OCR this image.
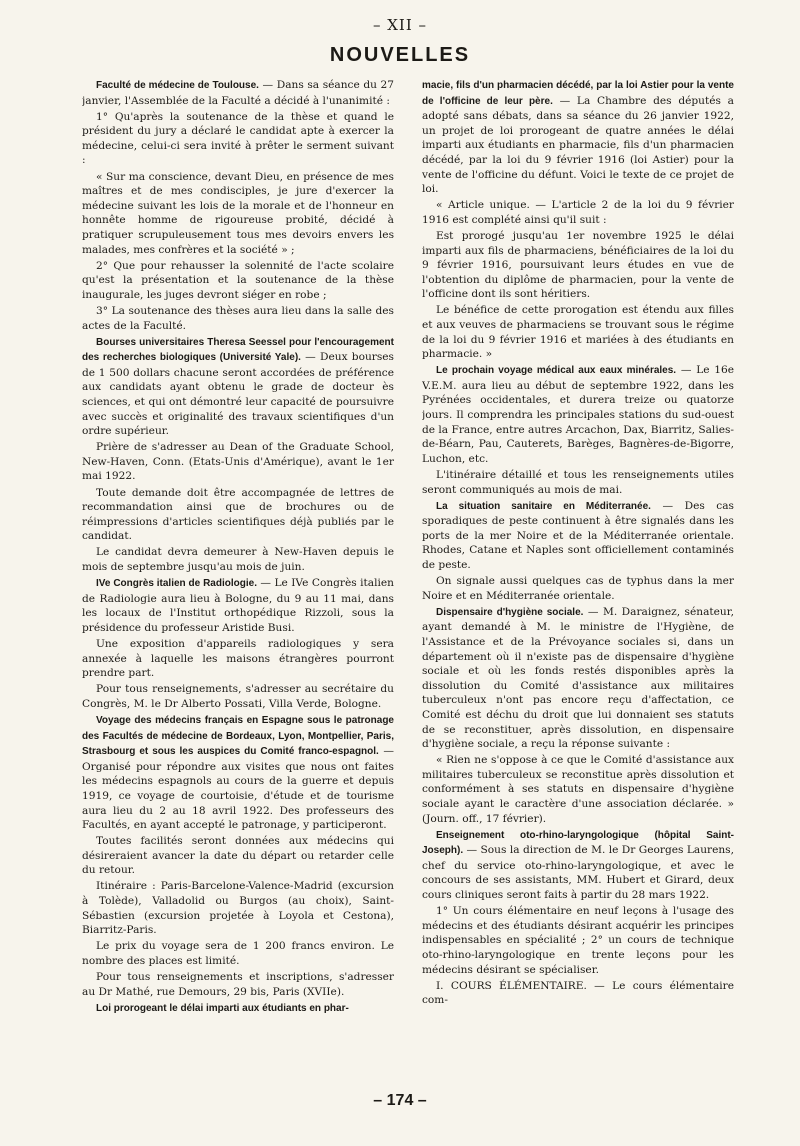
– XII –
NOUVELLES

Faculté de médecine de Toulouse. — Dans sa séance du 27 janvier, l'Assemblée de la Faculté a décidé à l'unanimité :

1° Qu'après la soutenance de la thèse et quand le président du jury a déclaré le candidat apte à exercer la médecine, celui-ci sera invité à prêter le serment suivant :

« Sur ma conscience, devant Dieu, en présence de mes maîtres et de mes condisciples, je jure d'exercer la médecine suivant les lois de la morale et de l'honneur en honnête homme de rigoureuse probité, décidé à pratiquer scrupuleusement tous mes devoirs envers les malades, mes confrères et la société » ;

2° Que pour rehausser la solennité de l'acte scolaire qu'est la présentation et la soutenance de la thèse inaugurale, les juges devront siéger en robe ;

3° La soutenance des thèses aura lieu dans la salle des actes de la Faculté.

Bourses universitaires Theresa Seessel pour l'encouragement des recherches biologiques (Université Yale). — Deux bourses de 1 500 dollars chacune seront accordées de préférence aux candidats ayant obtenu le grade de docteur ès sciences, et qui ont démontré leur capacité de poursuivre avec succès et originalité des travaux scientifiques d'un ordre supérieur.

Prière de s'adresser au Dean of the Graduate School, New-Haven, Conn. (Etats-Unis d'Amérique), avant le 1er mai 1922.

Toute demande doit être accompagnée de lettres de recommandation ainsi que de brochures ou de réimpressions d'articles scientifiques déjà publiés par le candidat.

Le candidat devra demeurer à New-Haven depuis le mois de septembre jusqu'au mois de juin.

IVe Congrès italien de Radiologie. — Le IVe Congrès italien de Radiologie aura lieu à Bologne, du 9 au 11 mai, dans les locaux de l'Institut orthopédique Rizzoli, sous la présidence du professeur Aristide Busi.

Une exposition d'appareils radiologiques y sera annexée à laquelle les maisons étrangères pourront prendre part.

Pour tous renseignements, s'adresser au secrétaire du Congrès, M. le Dr Alberto Possati, Villa Verde, Bologne.

Voyage des médecins français en Espagne sous le patronage des Facultés de médecine de Bordeaux, Lyon, Montpellier, Paris, Strasbourg et sous les auspices du Comité franco-espagnol. — Organisé pour répondre aux visites que nous ont faites les médecins espagnols au cours de la guerre et depuis 1919, ce voyage de courtoisie, d'étude et de tourisme aura lieu du 2 au 18 avril 1922. Des professeurs des Facultés, en ayant accepté le patronage, y participeront.

Toutes facilités seront données aux médecins qui désireraient avancer la date du départ ou retarder celle du retour.

Itinéraire : Paris-Barcelone-Valence-Madrid (excursion à Tolède), Valladolid ou Burgos (au choix), Saint-Sébastien (excursion projetée à Loyola et Cestona), Biarritz-Paris.

Le prix du voyage sera de 1 200 francs environ. Le nombre des places est limité.

Pour tous renseignements et inscriptions, s'adresser au Dr Mathé, rue Demours, 29 bis, Paris (XVIIe).

Loi prorogeant le délai imparti aux étudiants en phar-

macie, fils d'un pharmacien décédé, par la loi Astier pour la vente de l'officine de leur père. — La Chambre des députés a adopté sans débats, dans sa séance du 26 janvier 1922, un projet de loi prorogeant de quatre années le délai imparti aux étudiants en pharmacie, fils d'un pharmacien décédé, par la loi du 9 février 1916 (loi Astier) pour la vente de l'officine du défunt. Voici le texte de ce projet de loi.

« Article unique. — L'article 2 de la loi du 9 février 1916 est complété ainsi qu'il suit :

Est prorogé jusqu'au 1er novembre 1925 le délai imparti aux fils de pharmaciens, bénéficiaires de la loi du 9 février 1916, poursuivant leurs études en vue de l'obtention du diplôme de pharmacien, pour la vente de l'officine dont ils sont héritiers.

Le bénéfice de cette prorogation est étendu aux filles et aux veuves de pharmaciens se trouvant sous le régime de la loi du 9 février 1916 et mariées à des étudiants en pharmacie. »

Le prochain voyage médical aux eaux minérales. — Le 16e V.E.M. aura lieu au début de septembre 1922, dans les Pyrénées occidentales, et durera treize ou quatorze jours. Il comprendra les principales stations du sud-ouest de la France, entre autres Arcachon, Dax, Biarritz, Salies-de-Béarn, Pau, Cauterets, Barèges, Bagnères-de-Bigorre, Luchon, etc.

L'itinéraire détaillé et tous les renseignements utiles seront communiqués au mois de mai.

La situation sanitaire en Méditerranée. — Des cas sporadiques de peste continuent à être signalés dans les ports de la mer Noire et de la Méditerranée orientale. Rhodes, Catane et Naples sont officiellement contaminés de peste.

On signale aussi quelques cas de typhus dans la mer Noire et en Méditerranée orientale.

Dispensaire d'hygiène sociale. — M. Daraignez, sénateur, ayant demandé à M. le ministre de l'Hygiène, de l'Assistance et de la Prévoyance sociales si, dans un département où il n'existe pas de dispensaire d'hygiène sociale et où les fonds restés disponibles après la dissolution du Comité d'assistance aux militaires tuberculeux n'ont pas encore reçu d'affectation, ce Comité est déchu du droit que lui donnaient ses statuts de se reconstituer, après dissolution, en dispensaire d'hygiène sociale, a reçu la réponse suivante :

« Rien ne s'oppose à ce que le Comité d'assistance aux militaires tuberculeux se reconstitue après dissolution et conformément à ses statuts en dispensaire d'hygiène sociale ayant le caractère d'une association déclarée. » (Journ. off., 17 février).

Enseignement oto-rhino-laryngologique (hôpital Saint-Joseph). — Sous la direction de M. le Dr Georges Laurens, chef du service oto-rhino-laryngologique, et avec le concours de ses assistants, MM. Hubert et Girard, deux cours cliniques seront faits à partir du 28 mars 1922.

1° Un cours élémentaire en neuf leçons à l'usage des médecins et des étudiants désirant acquérir les principes indispensables en spécialité ; 2° un cours de technique oto-rhino-laryngologique en trente leçons pour les médecins désirant se spécialiser.

I. COURS ÉLÉMENTAIRE. — Le cours élémentaire com-

– 174 –
